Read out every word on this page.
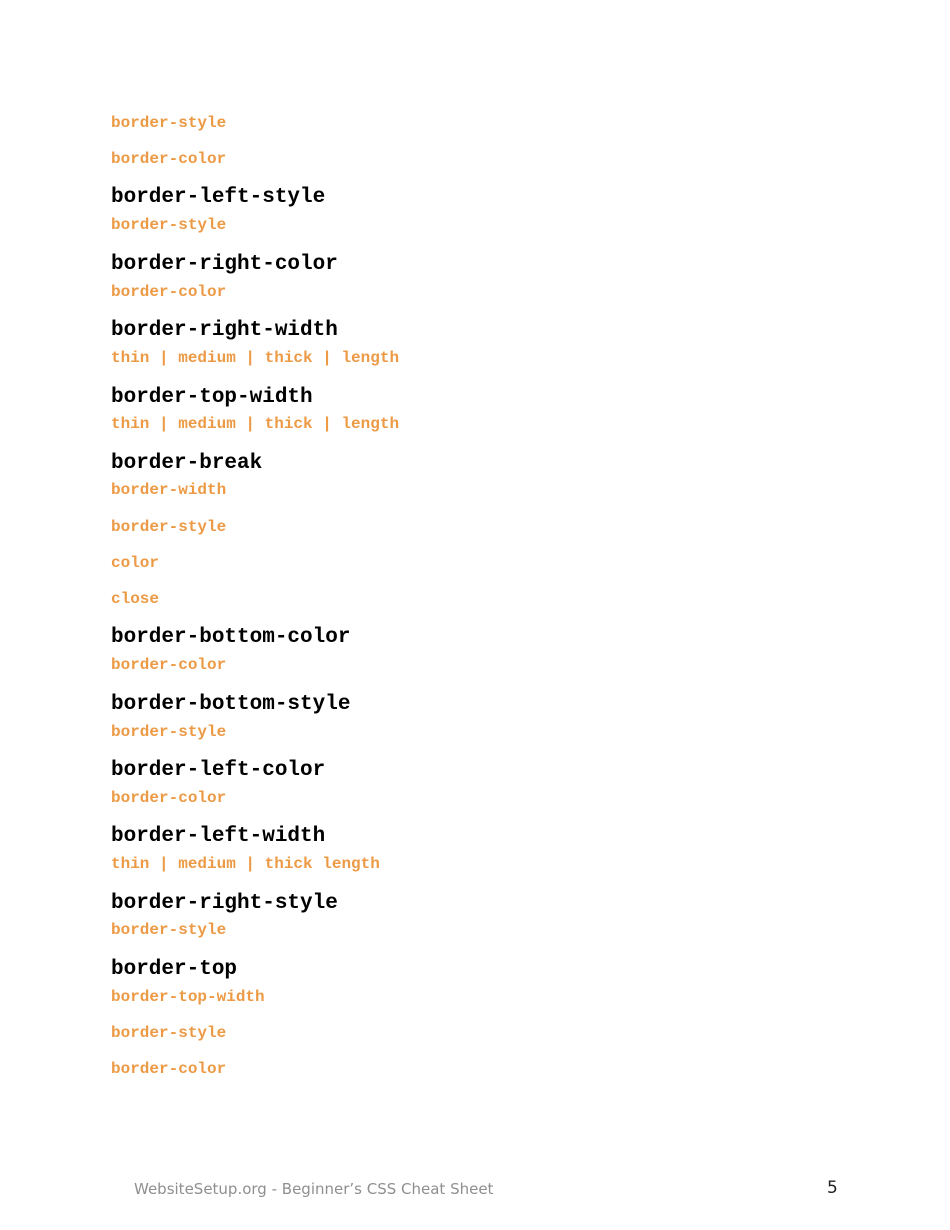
border-style
border-color
border-left-style
border-style
border-right-color
border-color
border-right-width
thin | medium | thick | length
border-top-width
thin | medium | thick | length
border-break
border-width
border-style
color
close
border-bottom-color
border-color
border-bottom-style
border-style
border-left-color
border-color
border-left-width
thin | medium | thick length
border-right-style
border-style
border-top
border-top-width
border-style
border-color
WebsiteSetup.org - Beginner’s CSS Cheat Sheet	5
